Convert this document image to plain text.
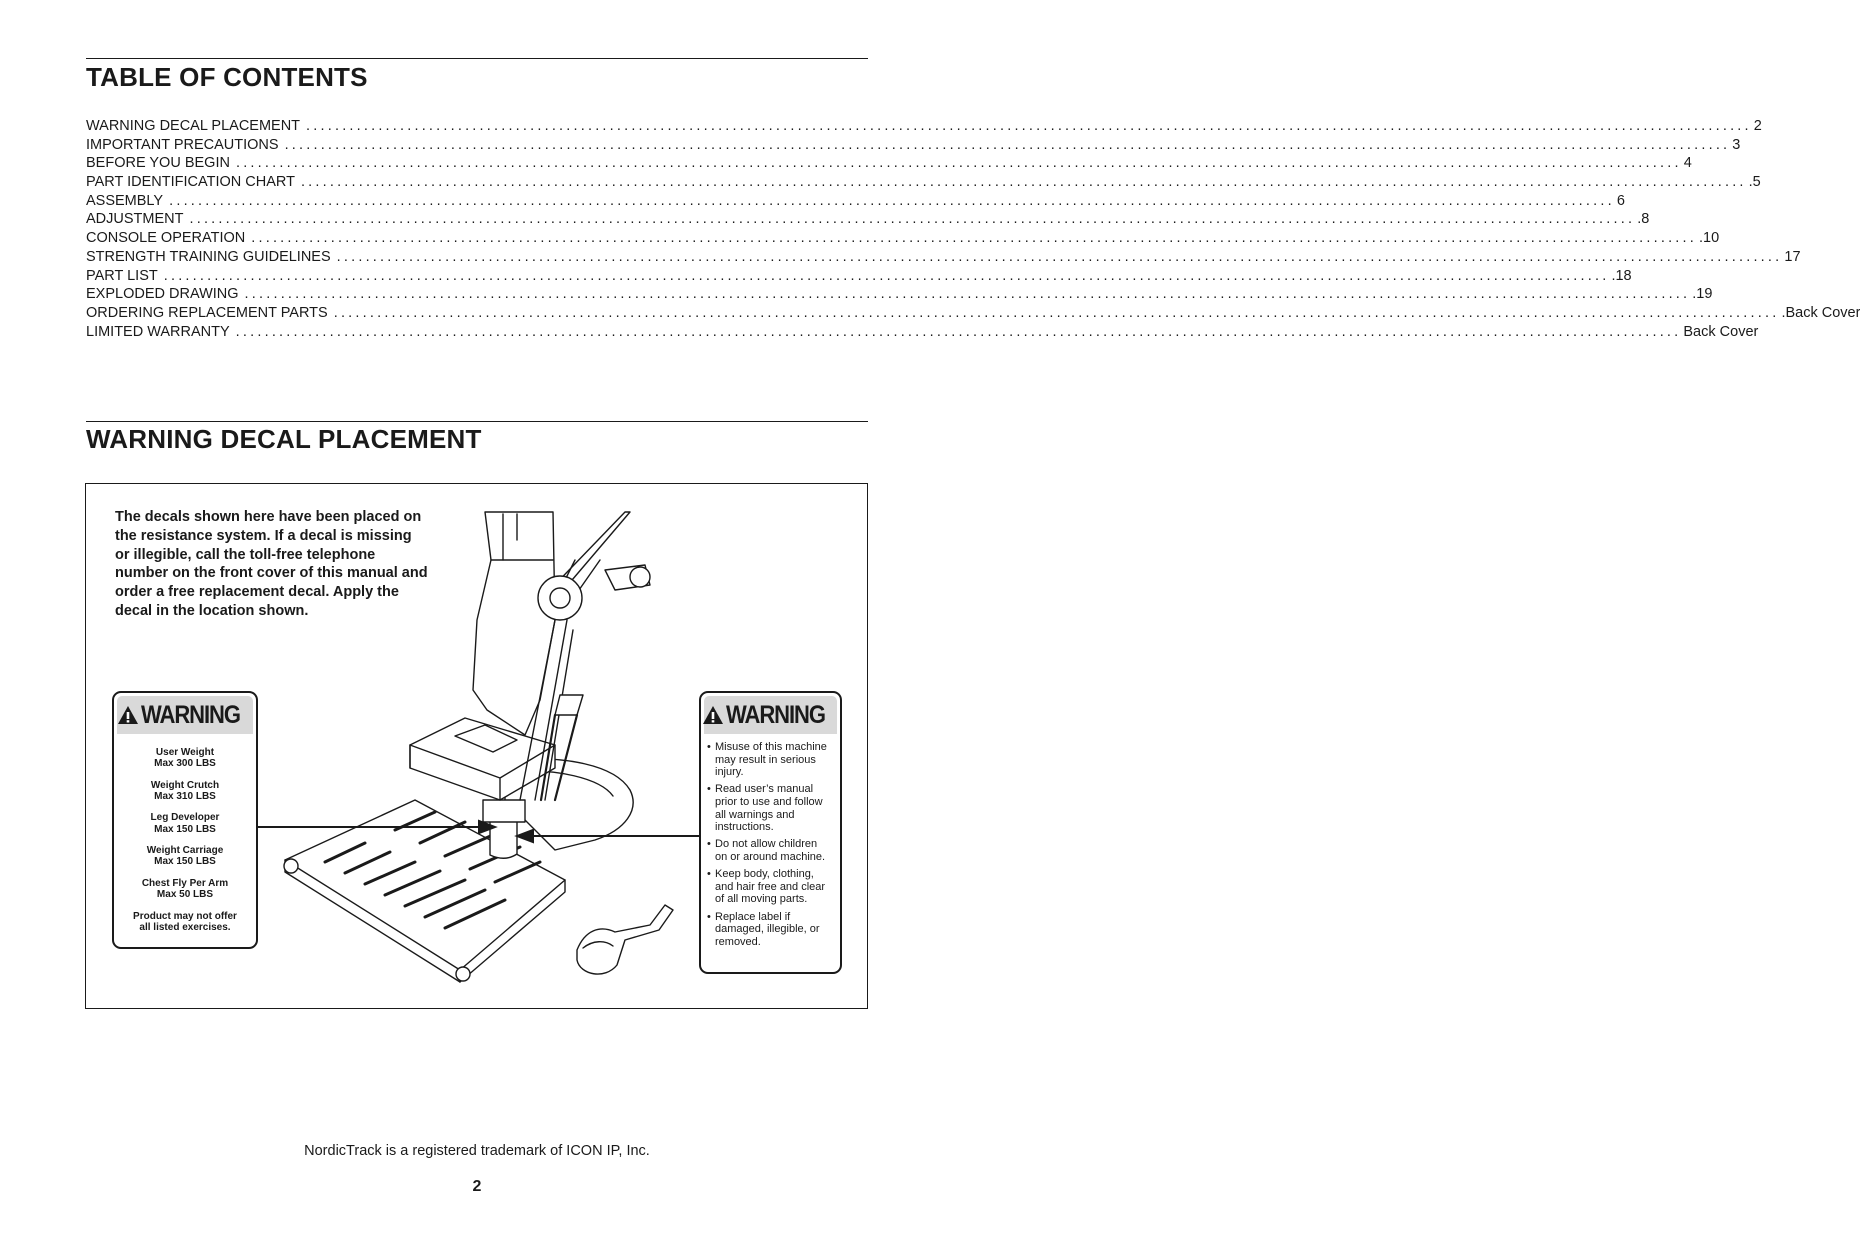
TABLE OF CONTENTS
WARNING DECAL PLACEMENT ........................................................................................................................................................................................................ 2
IMPORTANT PRECAUTIONS ........................................................................................................................................................................................................ 3
BEFORE YOU BEGIN ........................................................................................................................................................................................................ 4
PART IDENTIFICATION CHART ........................................................................................................................................................................................................ .5
ASSEMBLY ........................................................................................................................................................................................................ 6
ADJUSTMENT ........................................................................................................................................................................................................ .8
CONSOLE OPERATION ........................................................................................................................................................................................................ .10
STRENGTH TRAINING GUIDELINES ........................................................................................................................................................................................................ 17
PART LIST ........................................................................................................................................................................................................ .18
EXPLODED DRAWING ........................................................................................................................................................................................................ .19
ORDERING REPLACEMENT PARTS ........................................................................................................................................................................................................ .Back Cover
LIMITED WARRANTY ........................................................................................................................................................................................................ Back Cover
WARNING DECAL PLACEMENT
The decals shown here have been placed on the resistance system. If a decal is missing or illegible, call the toll-free telephone number on the front cover of this manual and order a free replacement decal. Apply the decal in the location shown.
WARNING
User Weight
Max 300 LBS
Weight Crutch
Max 310 LBS
Leg Developer
Max 150 LBS
Weight Carriage
Max 150 LBS
Chest Fly Per Arm
Max 50 LBS
Product may not offer
all listed exercises.
WARNING
• Misuse of this machine
may result in serious
injury.
• Read user’s manual
prior to use and follow
all warnings and
instructions.
• Do not allow children
on or around machine.
• Keep body, clothing,
and hair free and clear
of all moving parts.
• Replace label if
damaged, illegible, or
removed.
NordicTrack is a registered trademark of ICON IP, Inc.
2
